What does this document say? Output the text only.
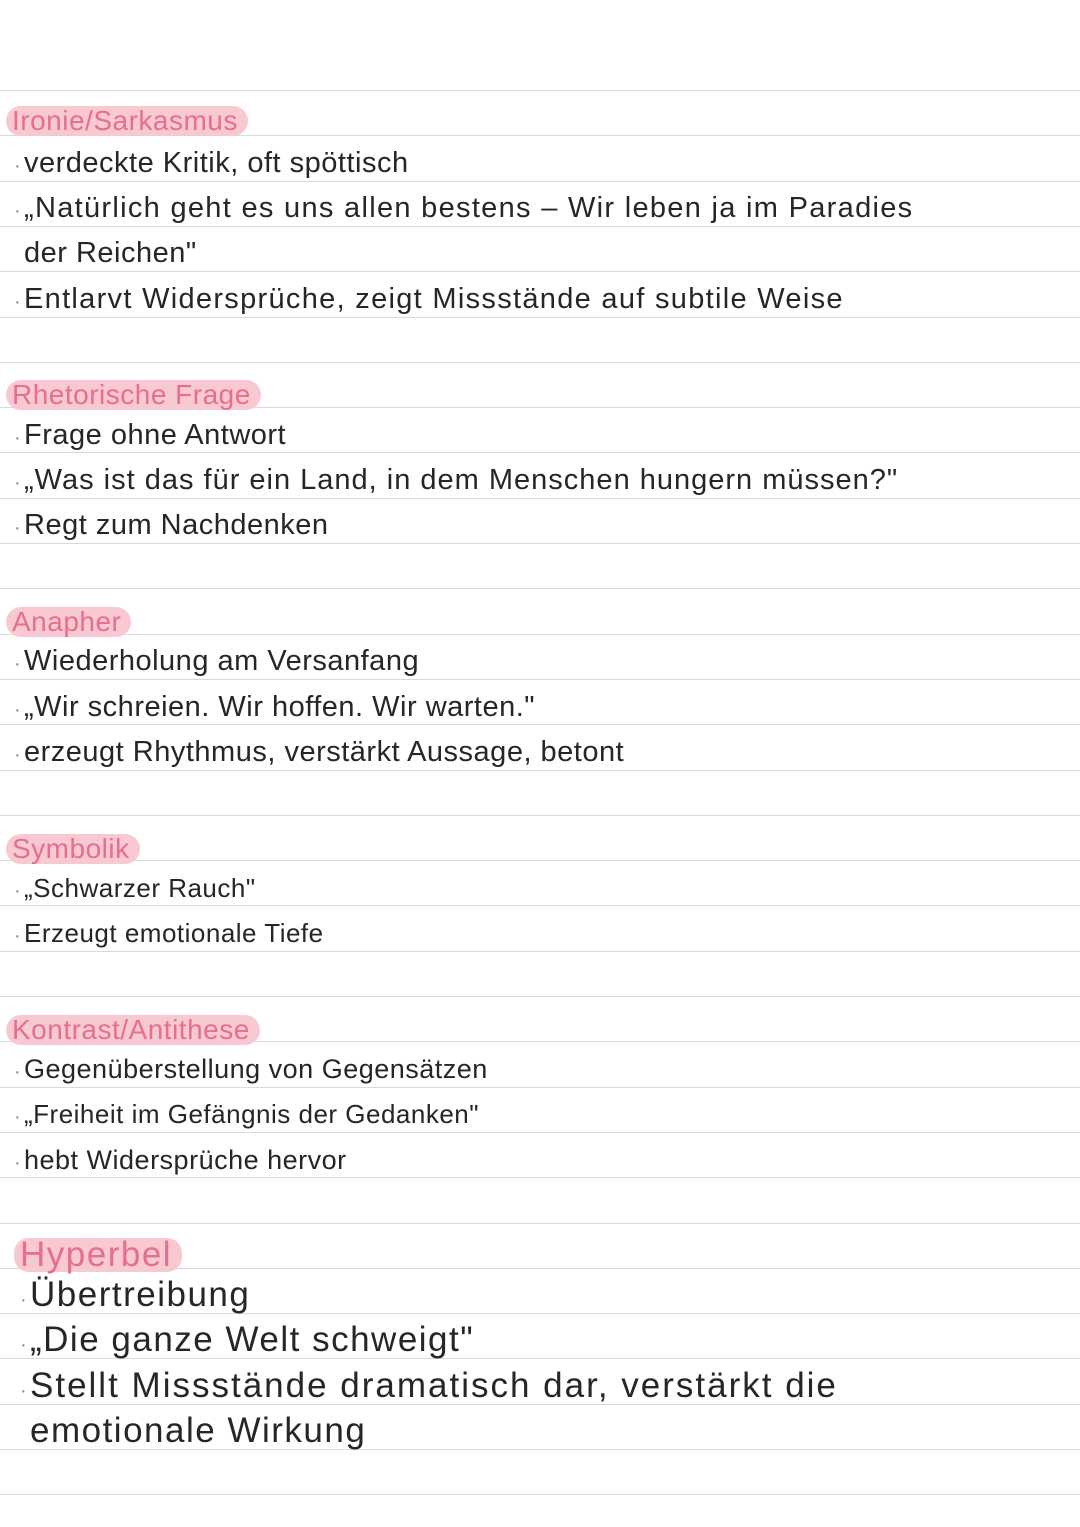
Ironie/Sarkasmus
·verdeckte Kritik, oft spöttisch
·„Natürlich geht es uns allen bestens – Wir leben ja im Paradies
der Reichen"
·Entlarvt Widersprüche, zeigt Missstände auf subtile Weise
Rhetorische Frage
·Frage ohne Antwort
·„Was ist das für ein Land, in dem Menschen hungern müssen?"
·Regt zum Nachdenken
Anapher
·Wiederholung am Versanfang
·„Wir schreien. Wir hoffen. Wir warten."
·erzeugt Rhythmus, verstärkt Aussage, betont
Symbolik
· „Schwarzer Rauch"
· Erzeugt emotionale Tiefe
Kontrast/Antithese
· Gegenüberstellung von Gegensätzen
· „Freiheit im Gefängnis der Gedanken"
· hebt Widersprüche hervor
Hyperbel
·Übertreibung
·„Die ganze Welt schweigt"
·Stellt Missstände dramatisch dar, verstärkt die
emotionale Wirkung
